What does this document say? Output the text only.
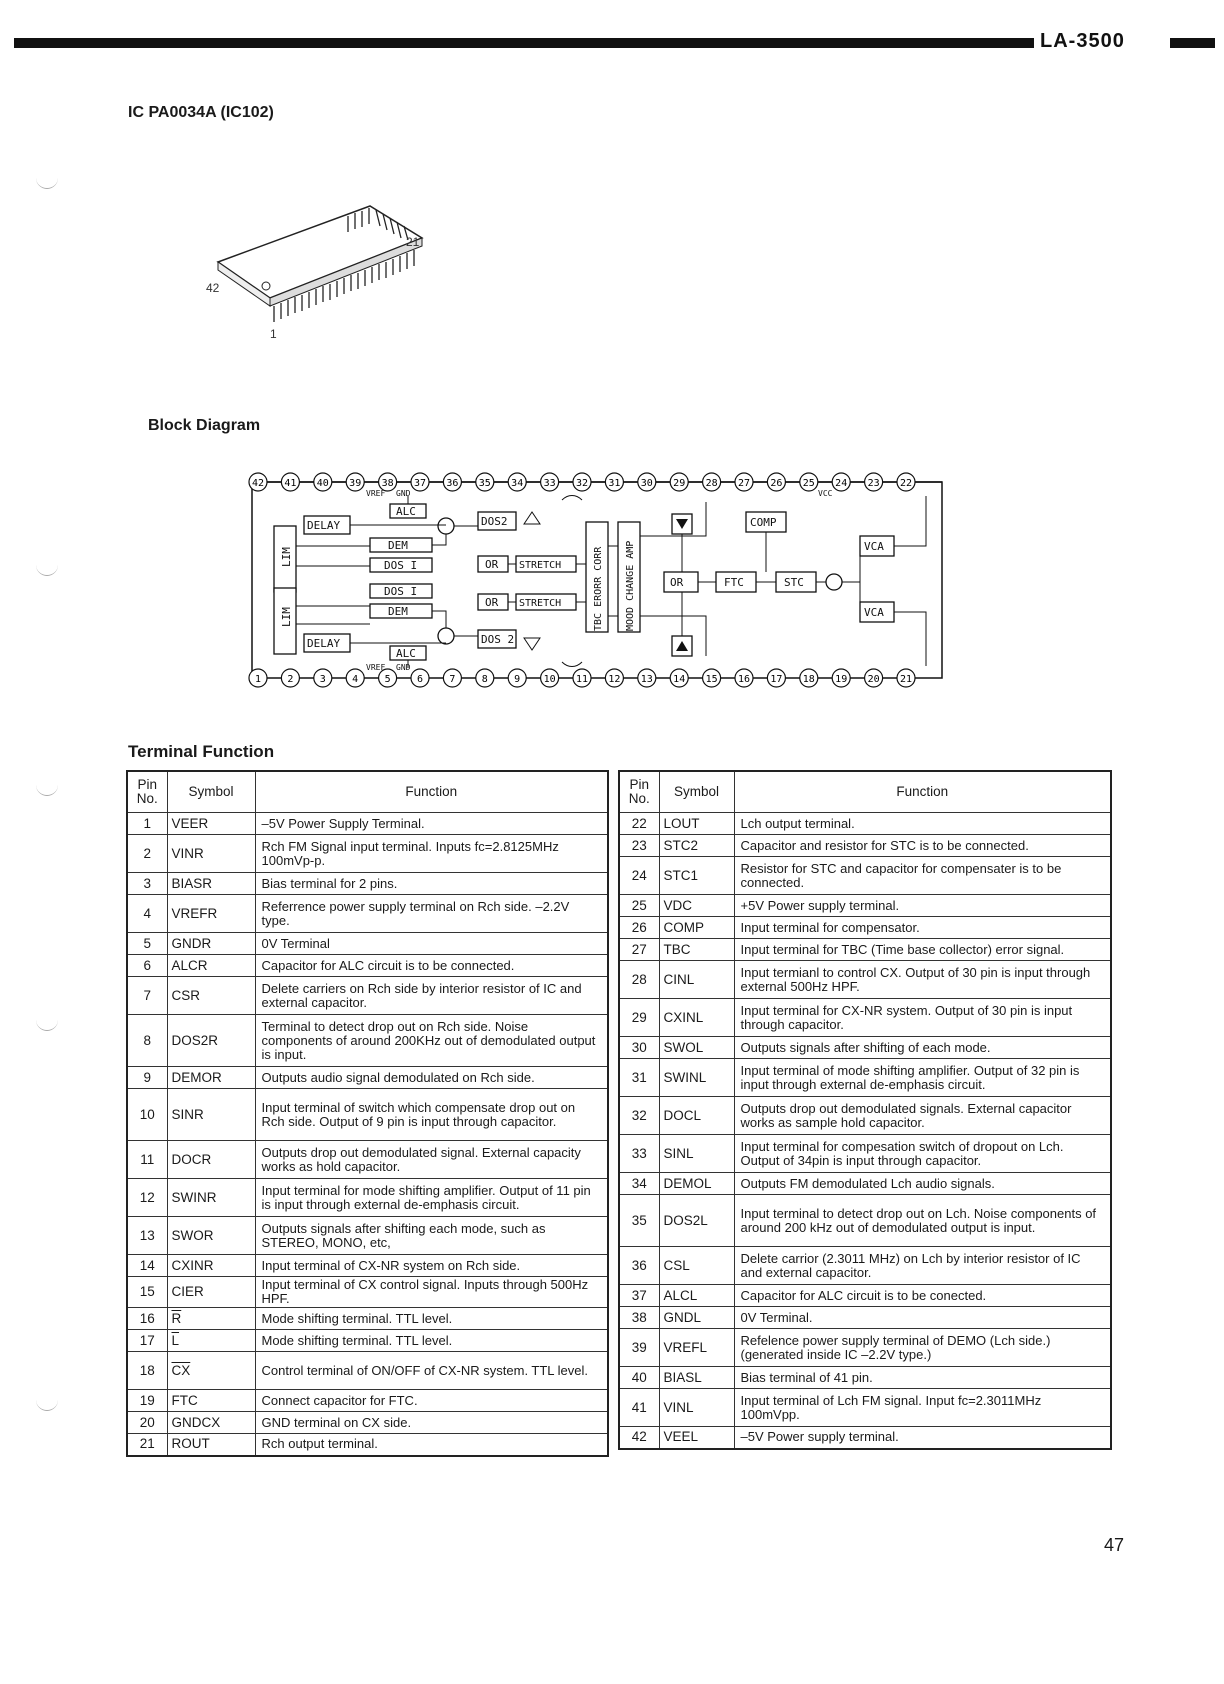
LA-3500
IC PA0034A (IC102)
42
21
1
Block Diagram
42 41 40 39 38 37 36 35 34 33 32 31 30 29 28 27 26 25 24 23 22
1	2	3	4	5	6	7	8	9 10 11 12 13 14 15 16 17 18 19 20 21
LIM
LIM
DELAY
DELAY
ALC
ALC
DEM
DOS I
DOS I
DEM
DOS2
DOS 2
OR
OR
STRETCH
STRETCH	TBC ERORR CORR MOOD CHANGE AMP
COMP
OR	FTC	STC
VCA
VCA
VREF GND
VREF GND
VCC
Terminal Function
Pin No.	Symbol	Function
1	VEER	–5V Power Supply Terminal.
2	VINR	Rch FM Signal input terminal. Inputs fc=2.8125MHz 100mVp-p.
3	BIASR	Bias terminal for 2 pins.
4	VREFR	Referrence power supply terminal on Rch side. –2.2V type.
5	GNDR	0V Terminal
6	ALCR	Capacitor for ALC circuit is to be connected.
7	CSR	Delete carriers on Rch side by interior resistor of IC and external capacitor.
8	DOS2R	Terminal to detect drop out on Rch side. Noise components of around 200KHz out of demodulated output is input.
9	DEMOR	Outputs audio signal demodulated on Rch side.
10	SINR	Input terminal of switch which compensate drop out on Rch side. Output of 9 pin is input through capacitor.
11	DOCR	Outputs drop out demodulated signal. External capacity works as hold capacitor.
12	SWINR	Input terminal for mode shifting amplifier. Output of 11 pin is input through external de-emphasis circuit.
13	SWOR	Outputs signals after shifting each mode, such as STEREO, MONO, etc,
14	CXINR	Input terminal of CX-NR system on Rch side.
15	CIER	Input terminal of CX control signal. Inputs through 500Hz HPF.
16	$\overline{R}$	Mode shifting terminal. TTL level.
17	$\overline{L}$	Mode shifting terminal. TTL level.
18	$\overline{CX}$	Control terminal of ON/OFF of CX-NR system. TTL level.
19	FTC	Connect capacitor for FTC.
20	GNDCX	GND terminal on CX side.
21	ROUT	Rch output terminal.
Pin No.	Symbol	Function
22	LOUT	Lch output terminal.
23	STC2	Capacitor and resistor for STC is to be connected.
24	STC1	Resistor for STC and capacitor for compensater is to be connected.
25	VDC	+5V Power supply terminal.
26	COMP	Input terminal for compensator.
27	TBC	Input terminal for TBC (Time base collector) error signal.
28	CINL	Input termianl to control CX. Output of 30 pin is input through external 500Hz HPF.
29	CXINL	Input terminal for CX-NR system. Output of 30 pin is input through capacitor.
30	SWOL	Outputs signals after shifting of each mode.
31	SWINL	Input terminal of mode shifting amplifier. Output of 32 pin is input through external de-emphasis circuit.
32	DOCL	Outputs drop out demodulated signals. External capacitor works as sample hold capacitor.
33	SINL	Input terminal for compesation switch of dropout on Lch. Output of 34pin is input through capacitor.
34	DEMOL	Outputs FM demodulated Lch audio signals.
35	DOS2L	Input terminal to detect drop out on Lch. Noise components of around 200 kHz out of demodulated output is input.
36	CSL	Delete carrior (2.3011 MHz) on Lch by interior resistor of IC and external capacitor.
37	ALCL	Capacitor for ALC circuit is to be conected.
38	GNDL	0V Terminal.
39	VREFL	Refelence power supply terminal of DEMO (Lch side.) (generated inside IC –2.2V type.)
40	BIASL	Bias terminal of 41 pin.
41	VINL	Input terminal of Lch FM signal. Input fc=2.3011MHz 100mVpp.
42	VEEL	–5V Power supply terminal.
47
